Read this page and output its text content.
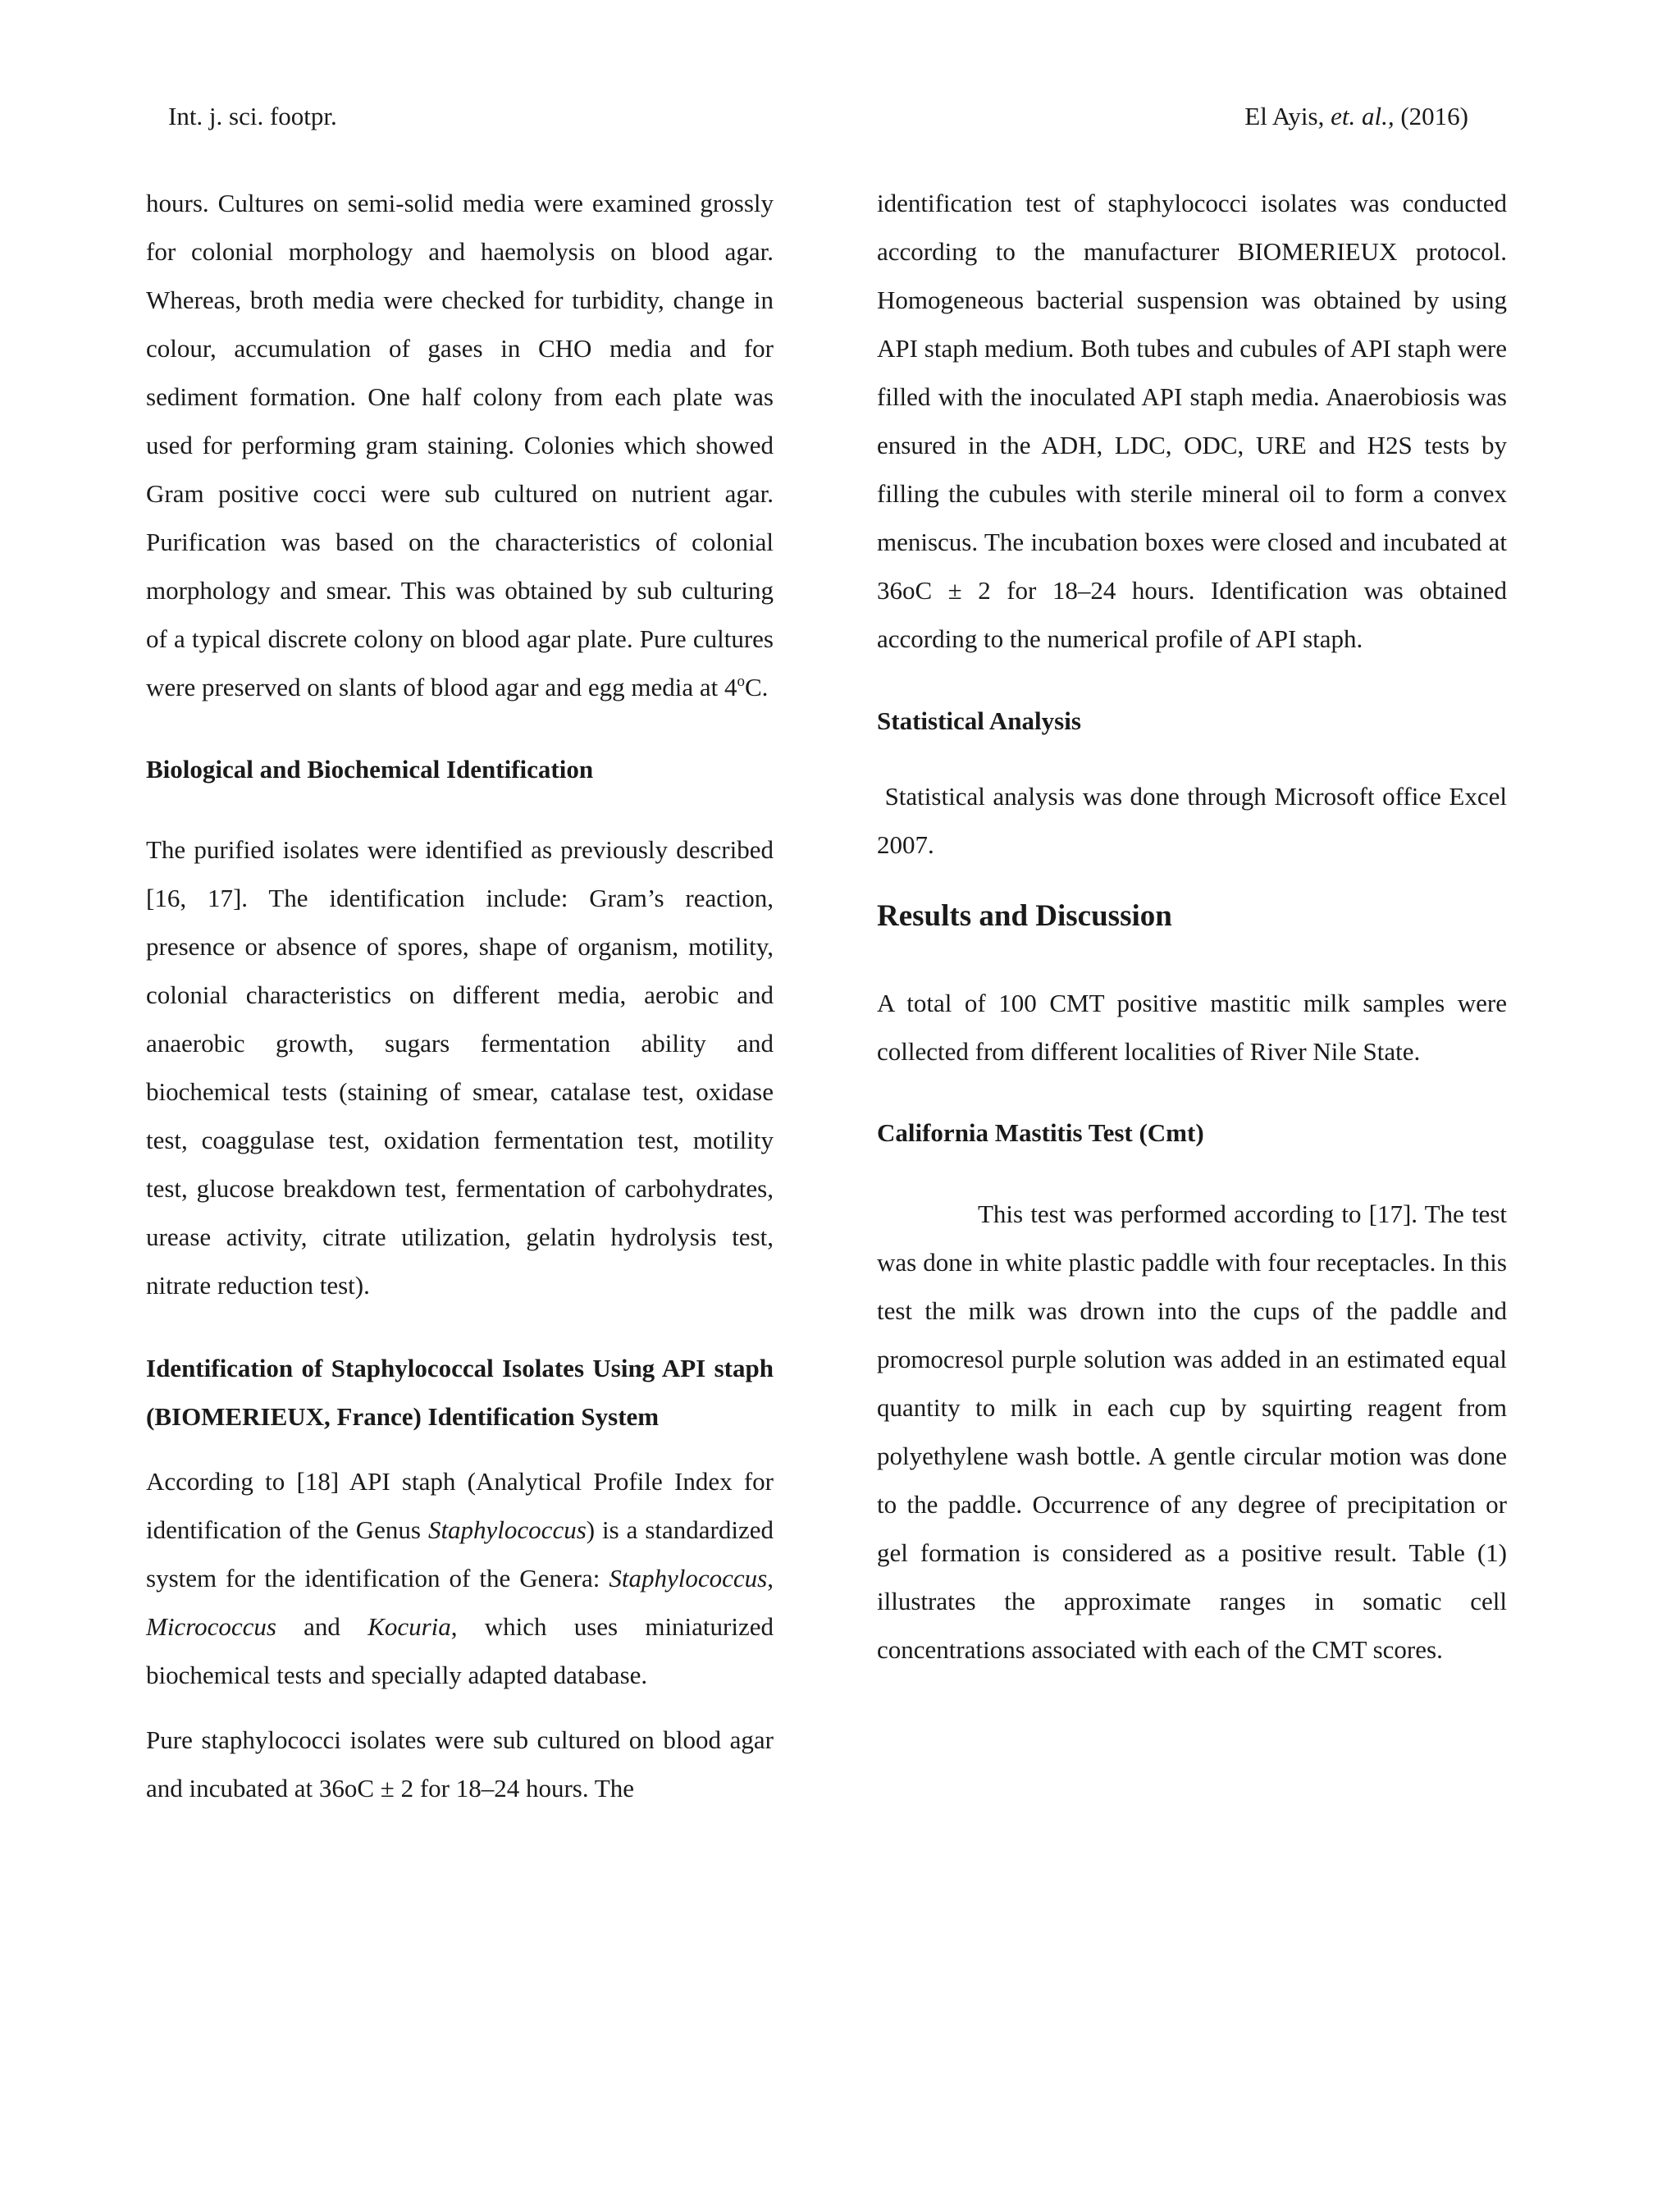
Int. j. sci. footpr.	El Ayis, et. al., (2016)

hours. Cultures on semi-solid media were examined grossly for colonial morphology and haemolysis on blood agar. Whereas, broth media were checked for turbidity, change in colour, accumulation of gases in CHO media and for sediment formation. One half colony from each plate was used for performing gram staining. Colonies which showed Gram positive cocci were sub cultured on nutrient agar. Purification was based on the characteristics of colonial morphology and smear. This was obtained by sub culturing of a typical discrete colony on blood agar plate. Pure cultures were preserved on slants of blood agar and egg media at 4$^o$C.

Biological and Biochemical Identification

The purified isolates were identified as previously described [16, 17]. The identification include: Gram’s reaction, presence or absence of spores, shape of organism, motility, colonial characteristics on different media, aerobic and anaerobic growth, sugars fermentation ability and biochemical tests (staining of smear, catalase test, oxidase test, coaggulase test, oxidation fermentation test, motility test, glucose breakdown test, fermentation of carbohydrates, urease activity, citrate utilization, gelatin hydrolysis test, nitrate reduction test).

Identification of Staphylococcal Isolates Using API staph (BIOMERIEUX, France) Identification System

According to [18] API staph (Analytical Profile Index for identification of the Genus Staphylococcus) is a standardized system for the identification of the Genera: Staphylococcus, Micrococcus and Kocuria, which uses miniaturized biochemical tests and specially adapted database.

Pure staphylococci isolates were sub cultured on blood agar and incubated at 36oC ± 2 for 18–24 hours. The

identification test of staphylococci isolates was conducted according to the manufacturer BIOMERIEUX protocol. Homogeneous bacterial suspension was obtained by using API staph medium. Both tubes and cubules of API staph were filled with the inoculated API staph media. Anaerobiosis was ensured in the ADH, LDC, ODC, URE and H2S tests by filling the cubules with sterile mineral oil to form a convex meniscus. The incubation boxes were closed and incubated at 36oC ± 2 for 18–24 hours. Identification was obtained according to the numerical profile of API staph.

Statistical Analysis

Statistical analysis was done through Microsoft office Excel 2007.

Results and Discussion

A total of 100 CMT positive mastitic milk samples were collected from different localities of River Nile State.

California Mastitis Test (Cmt)

This test was performed according to [17]. The test was done in white plastic paddle with four receptacles. In this test the milk was drown into the cups of the paddle and promocresol purple solution was added in an estimated equal quantity to milk in each cup by squirting reagent from polyethylene wash bottle. A gentle circular motion was done to the paddle. Occurrence of any degree of precipitation or gel formation is considered as a positive result. Table (1) illustrates the approximate ranges in somatic cell concentrations associated with each of the CMT scores.
